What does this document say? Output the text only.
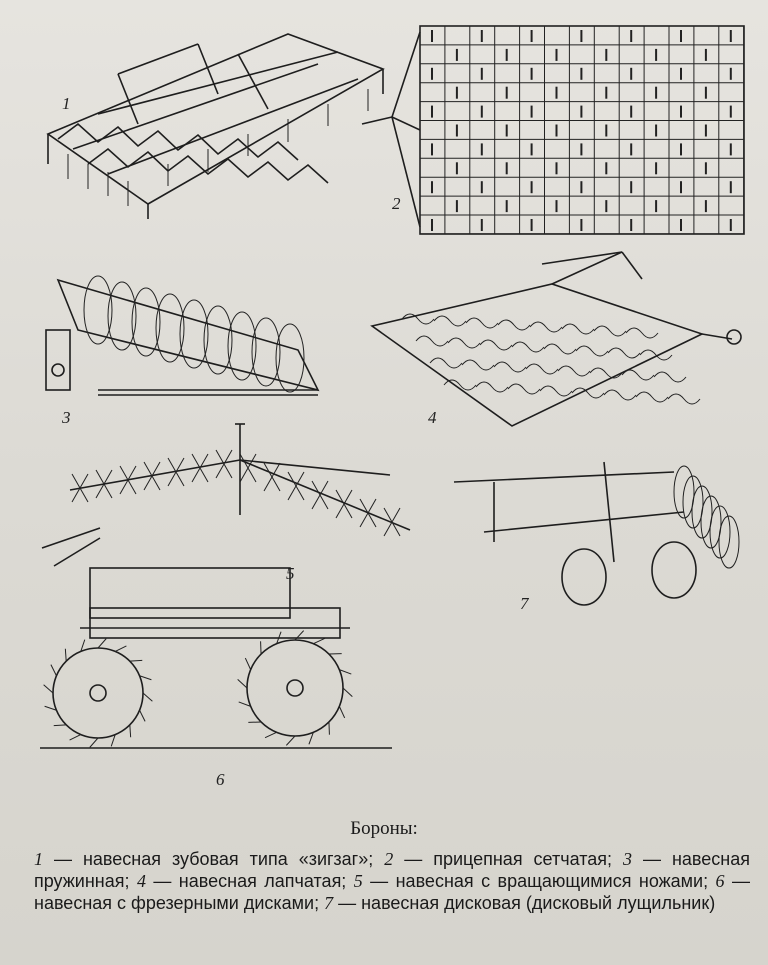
1
2
3	4
5
6
7
Бороны:
1 — навесная зубовая типа «зигзаг»; 2 — прицепная сетчатая; 3 — навесная пружинная; 4 — навесная лапчатая; 5 — навесная с вращающимися ножами; 6 — навесная с фрезерными дисками; 7 — навесная дисковая (дисковый лущильник)
